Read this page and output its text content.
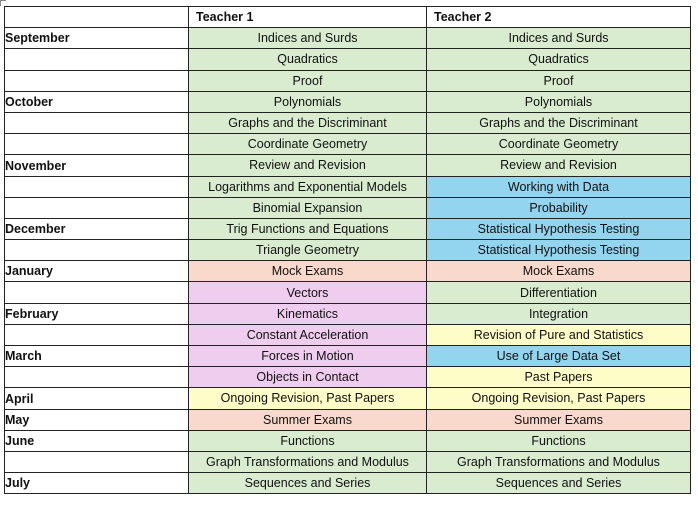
	Teacher 1	Teacher 2
September	Indices and Surds	Indices and Surds
	Quadratics	Quadratics
	Proof	Proof
October	Polynomials	Polynomials
	Graphs and the Discriminant	Graphs and the Discriminant
	Coordinate Geometry	Coordinate Geometry
November	Review and Revision	Review and Revision
	Logarithms and Exponential Models	Working with Data
	Binomial Expansion	Probability
December	Trig Functions and Equations	Statistical Hypothesis Testing
	Triangle Geometry	Statistical Hypothesis Testing
January	Mock Exams	Mock Exams
	Vectors	Differentiation
February	Kinematics	Integration
	Constant Acceleration	Revision of Pure and Statistics
March	Forces in Motion	Use of Large Data Set
	Objects in Contact	Past Papers
April	Ongoing Revision, Past Papers	Ongoing Revision, Past Papers
May	Summer Exams	Summer Exams
June	Functions	Functions
	Graph Transformations and Modulus	Graph Transformations and Modulus
July	Sequences and Series	Sequences and Series
